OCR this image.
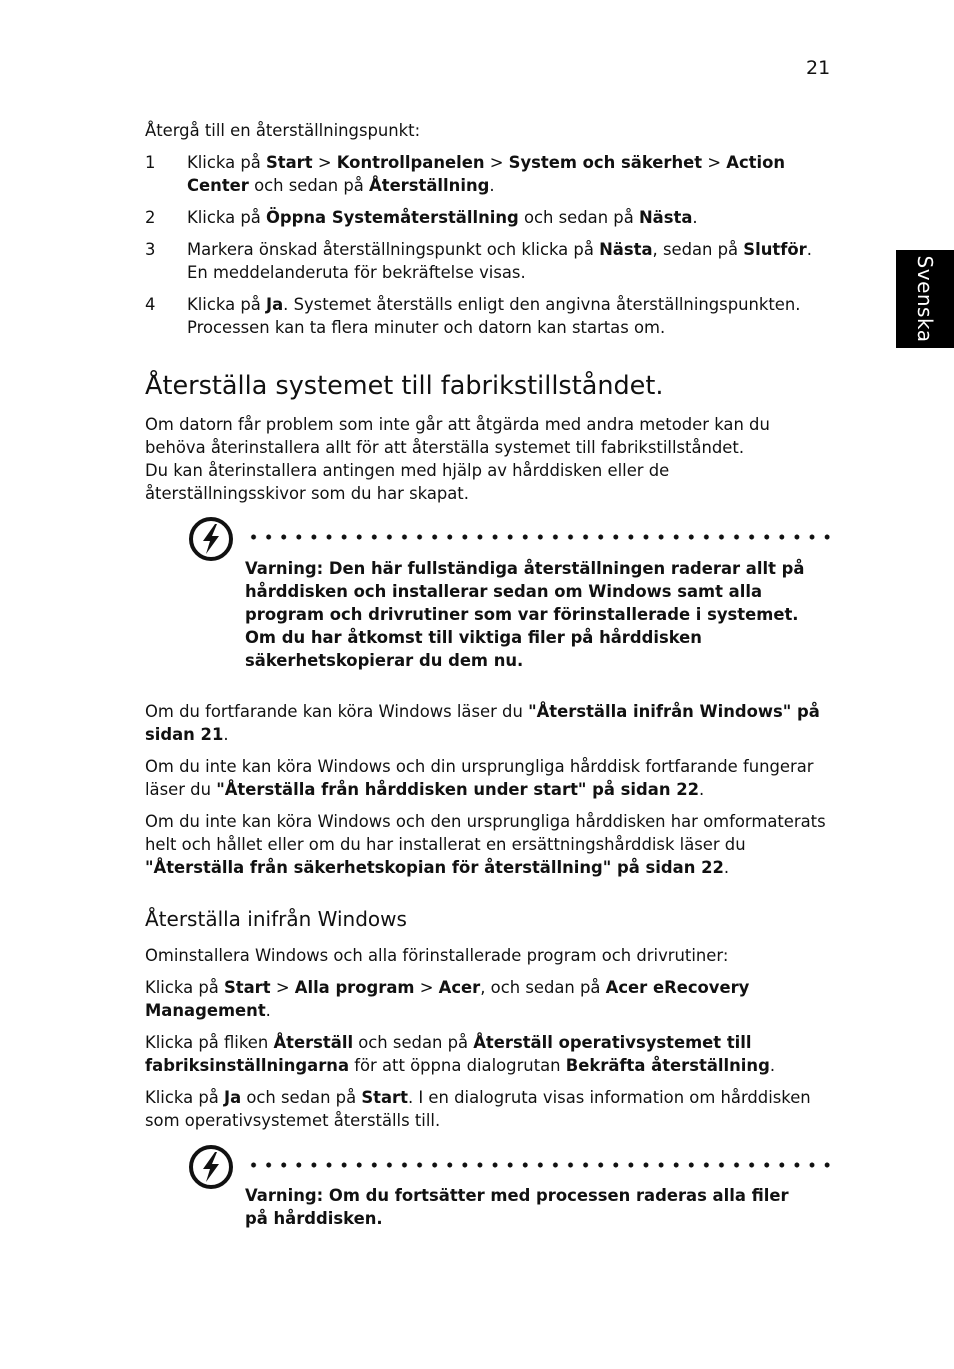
21
Svenska

Återgå till en återställningspunkt:

1	Klicka på Start > Kontrollpanelen > System och säkerhet > Action Center och sedan på Återställning.
2	Klicka på Öppna Systemåterställning och sedan på Nästa.
3	Markera önskad återställningspunkt och klicka på Nästa, sedan på Slutför. En meddelanderuta för bekräftelse visas.
4	Klicka på Ja. Systemet återställs enligt den angivna återställningspunkten. Processen kan ta flera minuter och datorn kan startas om.
Återställa systemet till fabrikstillståndet.

Om datorn får problem som inte går att åtgärda med andra metoder kan du behöva återinstallera allt för att återställa systemet till fabrikstillståndet.

Du kan återinstallera antingen med hjälp av hårddisken eller de återställningsskivor som du har skapat.

Varning: Den här fullständiga återställningen raderar allt på hårddisken och installerar sedan om Windows samt alla program och drivrutiner som var förinstallerade i systemet. Om du har åtkomst till viktiga filer på hårddisken säkerhetskopierar du dem nu.

Om du fortfarande kan köra Windows läser du "Återställa inifrån Windows" på sidan 21.

Om du inte kan köra Windows och din ursprungliga hårddisk fortfarande fungerar läser du "Återställa från hårddisken under start" på sidan 22.

Om du inte kan köra Windows och den ursprungliga hårddisken har omformaterats helt och hållet eller om du har installerat en ersättningshårddisk läser du "Återställa från säkerhetskopian för återställning" på sidan 22.

Återställa inifrån Windows

Ominstallera Windows och alla förinstallerade program och drivrutiner:

Klicka på Start > Alla program > Acer, och sedan på Acer eRecovery Management.

Klicka på fliken Återställ och sedan på Återställ operativsystemet till fabriksinställningarna för att öppna dialogrutan Bekräfta återställning.

Klicka på Ja och sedan på Start. I en dialogruta visas information om hårddisken som operativsystemet återställs till.

Varning: Om du fortsätter med processen raderas alla filer på hårddisken.
